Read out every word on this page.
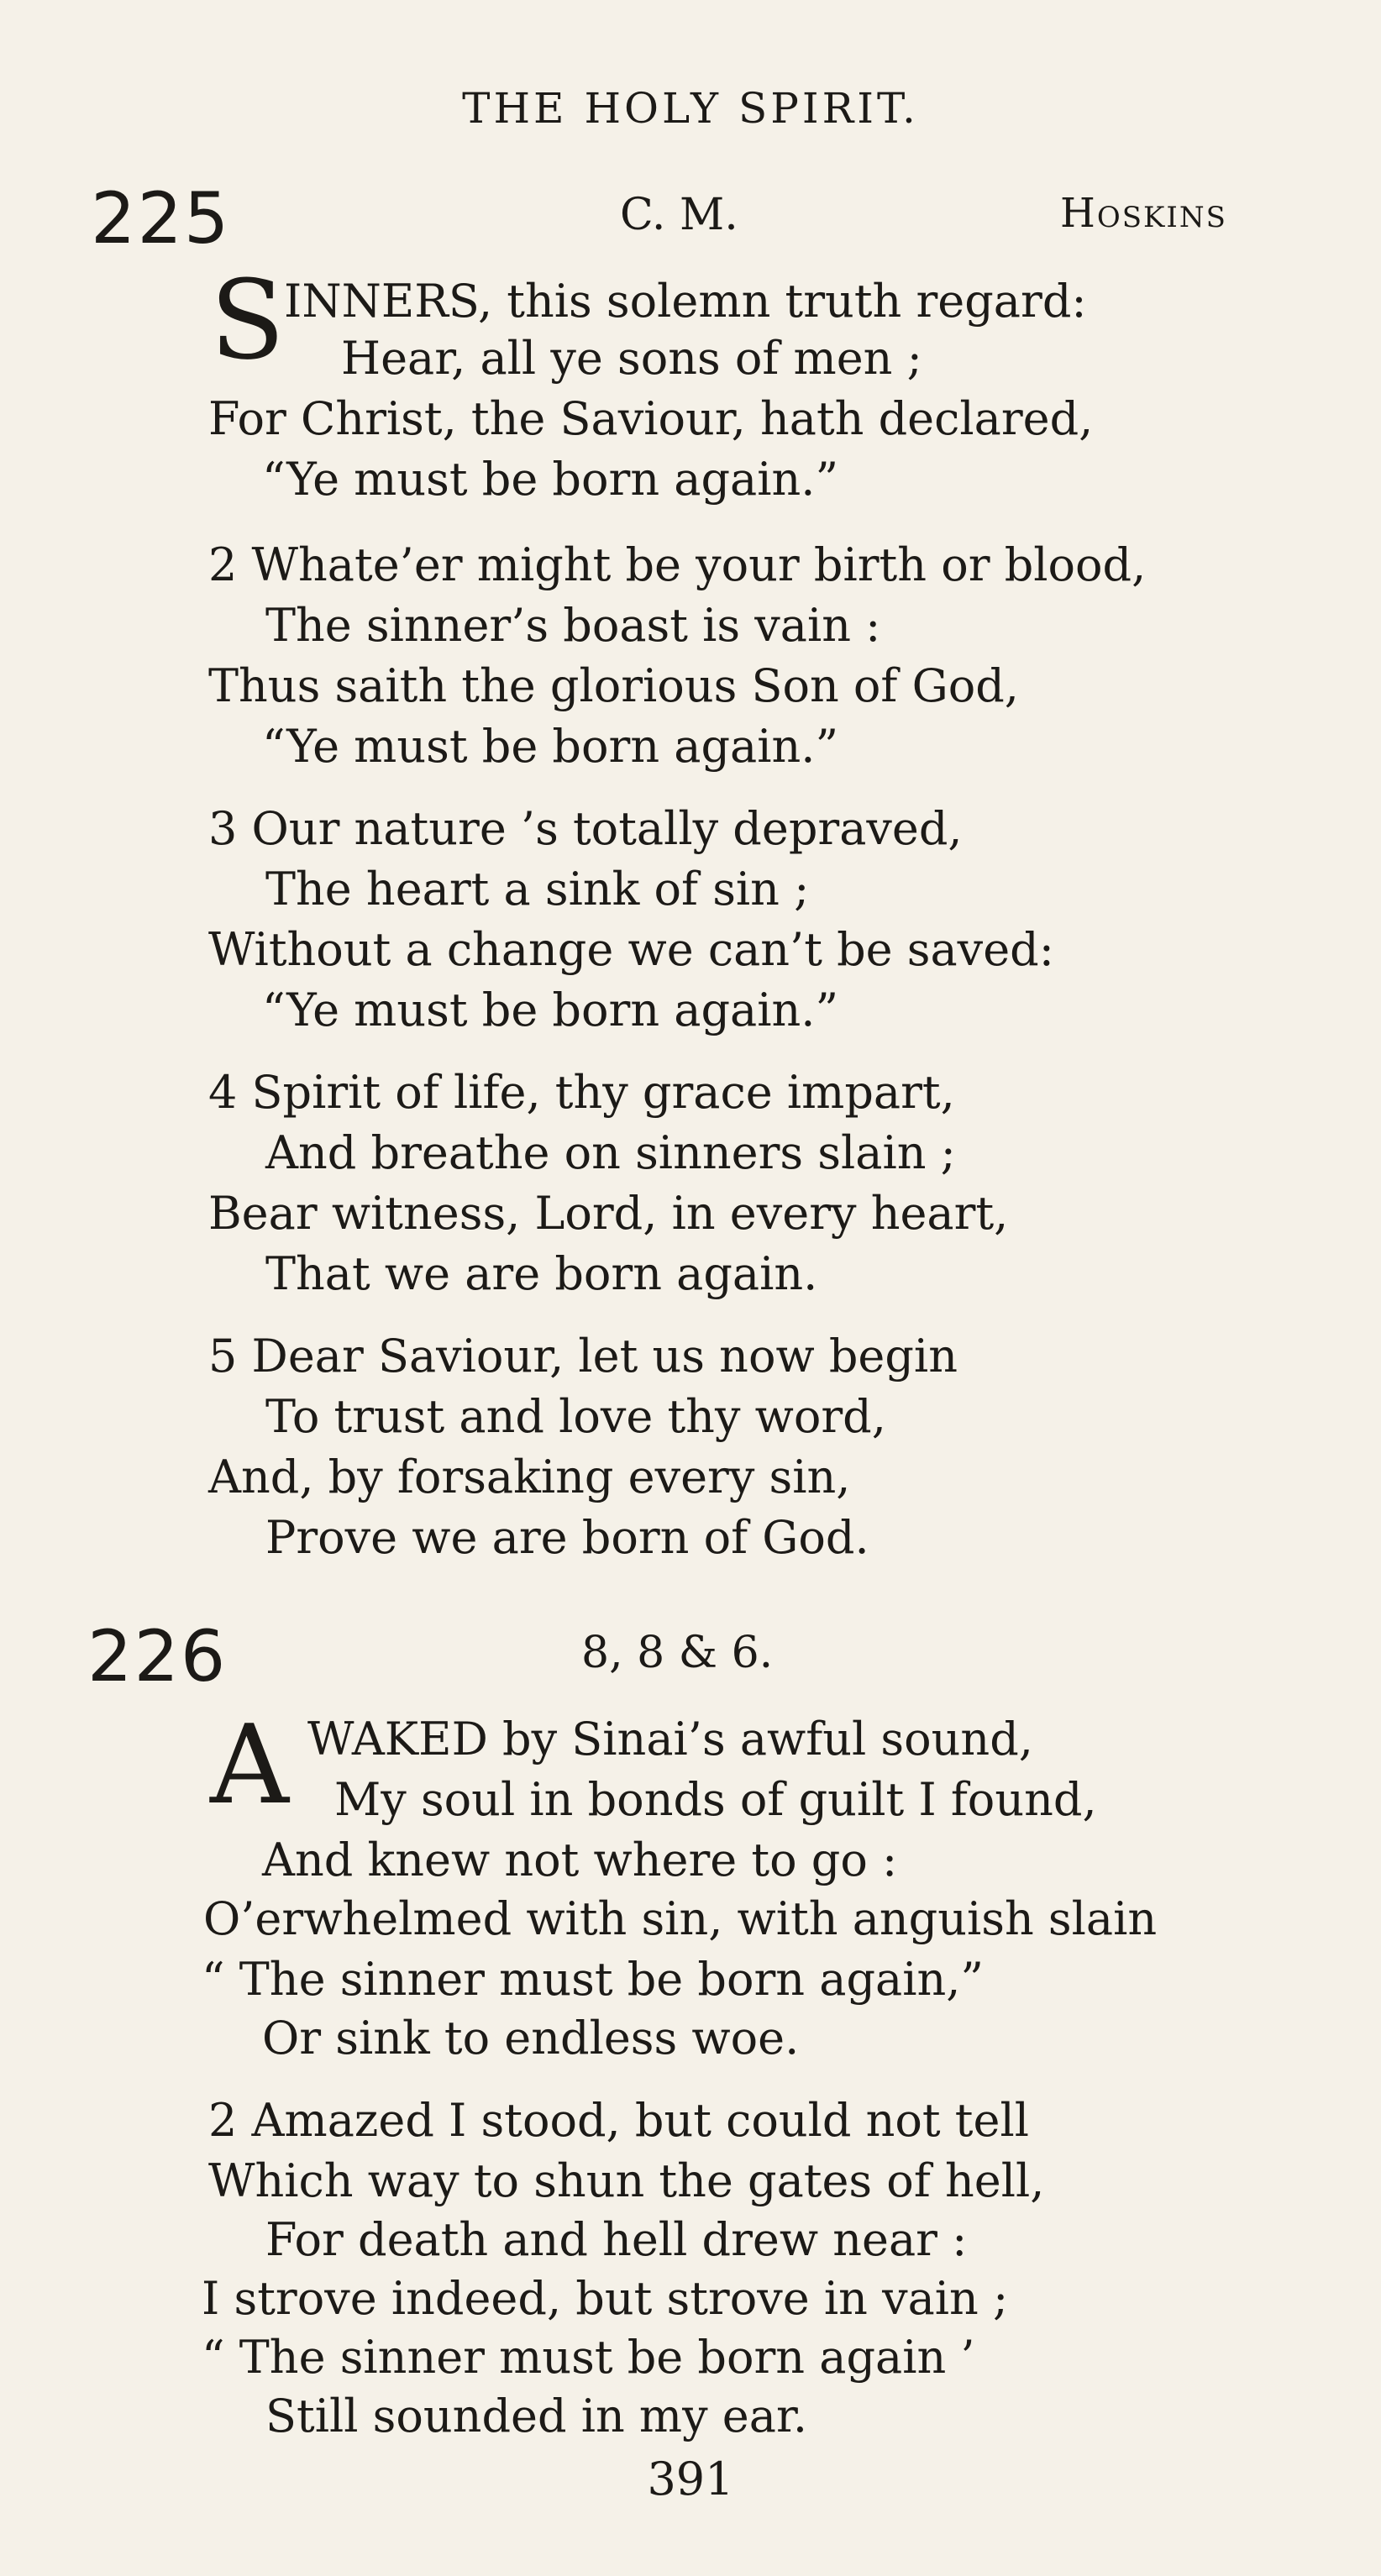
THE HOLY SPIRIT.
225	C. M.	Hoskins
S
INNERS, this solemn truth regard:
Hear, all ye sons of men ;
For Christ, the Saviour, hath declared,
“Ye must be born again.”
2 Whate’er might be your birth or blood,
The sinner’s boast is vain :
Thus saith the glorious Son of God,
“Ye must be born again.”
3 Our nature ’s totally depraved,
The heart a sink of sin ;
Without a change we can’t be saved:
“Ye must be born again.”
4 Spirit of life, thy grace impart,
And breathe on sinners slain ;
Bear witness, Lord, in every heart,
That we are born again.
5 Dear Saviour, let us now begin
To trust and love thy word,
And, by forsaking every sin,
Prove we are born of God.
226	8, 8 & 6.
A WAKED by Sinai’s awful sound,
My soul in bonds of guilt I found,
And knew not where to go :
O’erwhelmed with sin, with anguish slain
“ The sinner must be born again,”
Or sink to endless woe.
2 Amazed I stood, but could not tell
Which way to shun the gates of hell,
For death and hell drew near :
I strove indeed, but strove in vain ;
“ The sinner must be born again ’
Still sounded in my ear.
391
